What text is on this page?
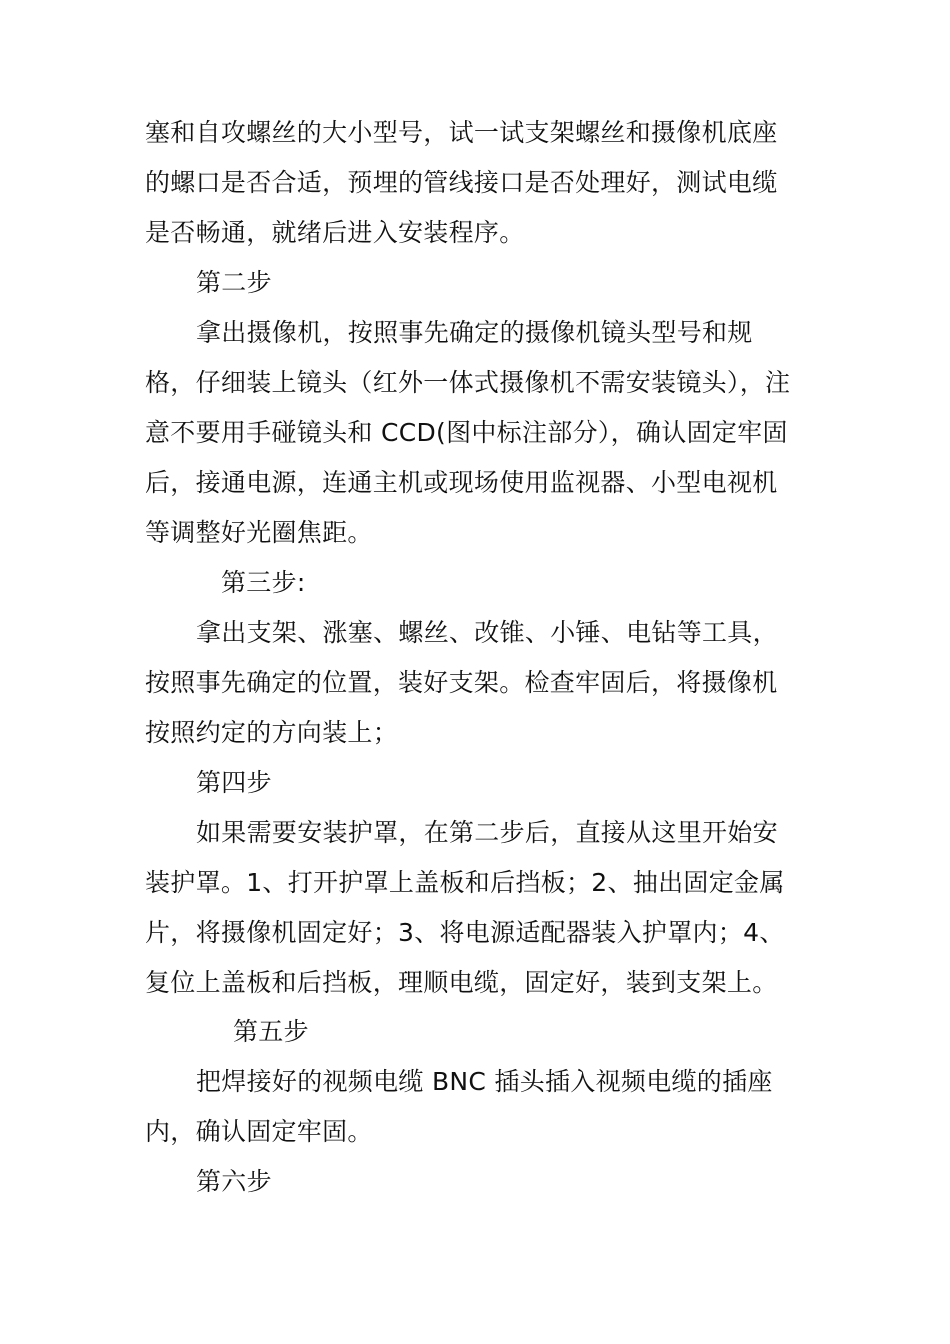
塞和自攻螺丝的大小型号，试一试支架螺丝和摄像机底座
的螺口是否合适，预埋的管线接口是否处理好，测试电缆
是否畅通，就绪后进入安装程序。
第二步
拿出摄像机，按照事先确定的摄像机镜头型号和规
格，仔细装上镜头（红外一体式摄像机不需安装镜头），注
意不要用手碰镜头和 CCD(图中标注部分），确认固定牢固
后，接通电源，连通主机或现场使用监视器、小型电视机
等调整好光圈焦距。
第三步:
拿出支架、涨塞、螺丝、改锥、小锤、电钻等工具，
按照事先确定的位置，装好支架。检查牢固后，将摄像机
按照约定的方向装上；
第四步
如果需要安装护罩，在第二步后，直接从这里开始安
装护罩。1、打开护罩上盖板和后挡板；2、抽出固定金属
片，将摄像机固定好；3、将电源适配器装入护罩内；4、
复位上盖板和后挡板，理顺电缆，固定好，装到支架上。
第五步
把焊接好的视频电缆 BNC 插头插入视频电缆的插座
内，确认固定牢固。
第六步
